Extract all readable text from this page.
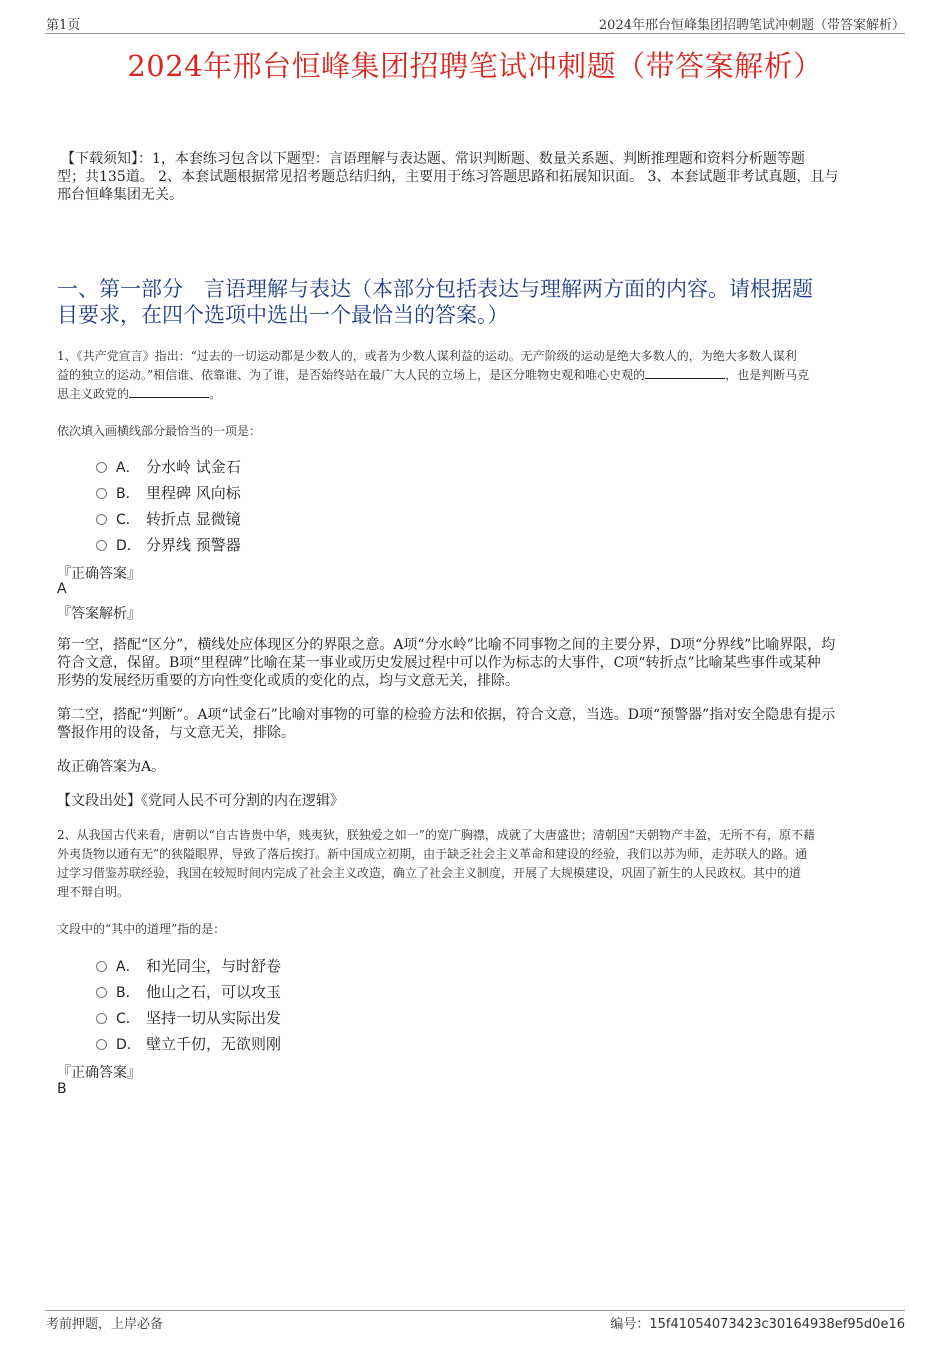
第1页	2024年邢台恒峰集团招聘笔试冲刺题（带答案解析）
2024年邢台恒峰集团招聘笔试冲刺题（带答案解析）
【下载须知】：1，本套练习包含以下题型：言语理解与表达题、常识判断题、数量关系题、判断推理题和资料分析题等题
型；共135道。 2、本套试题根据常见招考题总结归纳，主要用于练习答题思路和拓展知识面。 3、本套试题非考试真题，且与
邢台恒峰集团无关。
一、第一部分　言语理解与表达（本部分包括表达与理解两方面的内容。请根据题
目要求，在四个选项中选出一个最恰当的答案。）
1、《共产党宣言》指出：“过去的一切运动都是少数人的，或者为少数人谋利益的运动。无产阶级的运动是绝大多数人的，为绝大多数人谋利
益的独立的运动。”相信谁、依靠谁、为了谁，是否始终站在最广大人民的立场上，是区分唯物史观和唯心史观的	，也是判断马克
思主义政党的	。
依次填入画横线部分最恰当的一项是：
A． 分水岭 试金石
B． 里程碑 风向标
C． 转折点 显微镜
D． 分界线 预警器
『正确答案』
A
『答案解析』
第一空，搭配“区分”，横线处应体现区分的界限之意。A项“分水岭”比喻不同事物之间的主要分界，D项“分界线”比喻界限，均
符合文意，保留。B项“里程碑”比喻在某一事业或历史发展过程中可以作为标志的大事件，C项“转折点”比喻某些事件或某种
形势的发展经历重要的方向性变化或质的变化的点，均与文意无关，排除。
第二空，搭配“判断”。A项“试金石”比喻对事物的可靠的检验方法和依据，符合文意，当选。D项“预警器”指对安全隐患有提示
警报作用的设备，与文意无关，排除。
故正确答案为A。
【文段出处】《党同人民不可分割的内在逻辑》
2、从我国古代来看，唐朝以“自古皆贵中华，贱夷狄，朕独爱之如一”的宽广胸襟，成就了大唐盛世；清朝因“天朝物产丰盈，无所不有，原不藉
外夷货物以通有无”的狭隘眼界，导致了落后挨打。新中国成立初期，由于缺乏社会主义革命和建设的经验，我们以苏为师，走苏联人的路。通
过学习借鉴苏联经验，我国在较短时间内完成了社会主义改造，确立了社会主义制度，开展了大规模建设，巩固了新生的人民政权。其中的道
理不辩自明。
文段中的“其中的道理”指的是：
A． 和光同尘，与时舒卷
B． 他山之石，可以攻玉
C． 坚持一切从实际出发
D． 壁立千仞，无欲则刚
『正确答案』
B
考前押题，上岸必备	编号：15f41054073423c30164938ef95d0e16
